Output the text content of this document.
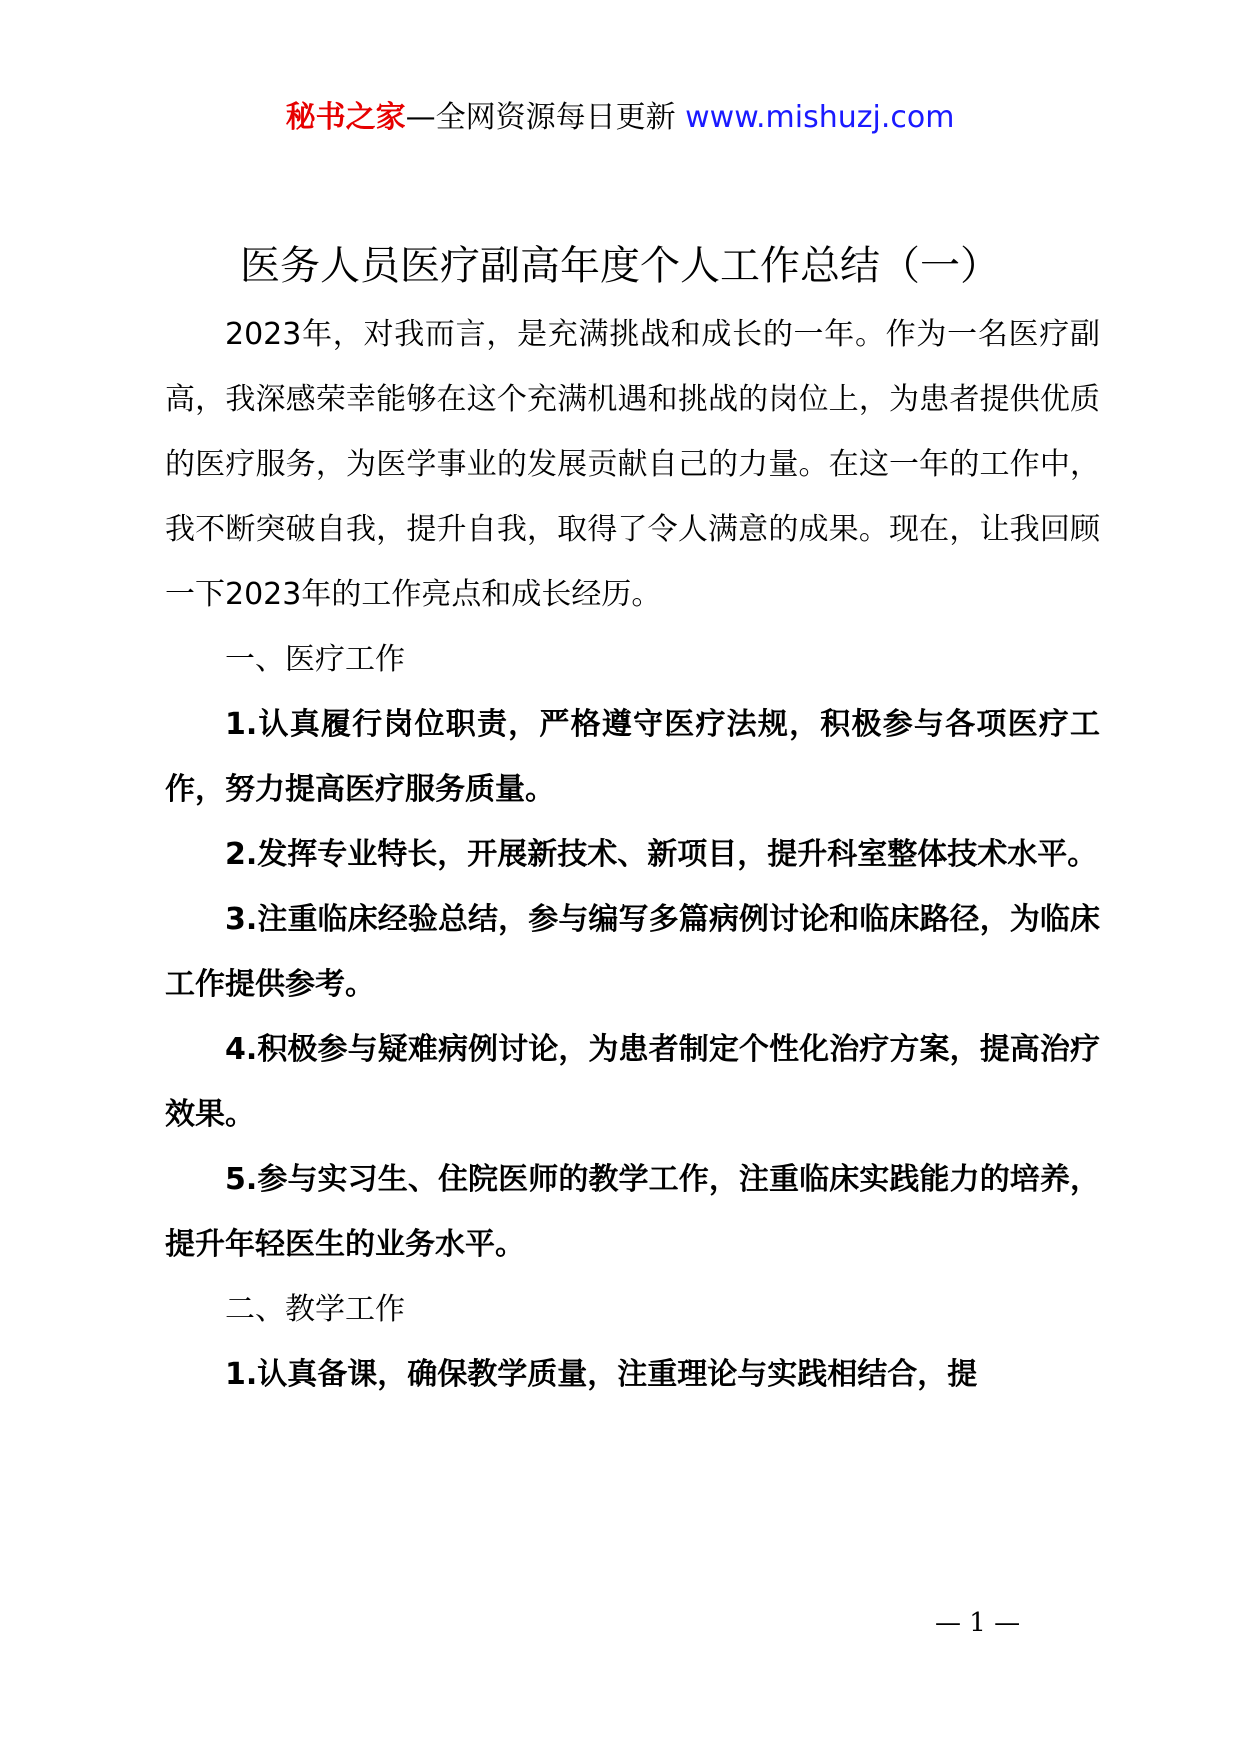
秘书之家—全网资源每日更新 www.mishuzj.com
医务人员医疗副高年度个人工作总结（一）

2023年，对我而言，是充满挑战和成长的一年。作为一名医疗副高，我深感荣幸能够在这个充满机遇和挑战的岗位上，为患者提供优质的医疗服务，为医学事业的发展贡献自己的力量。在这一年的工作中，我不断突破自我，提升自我，取得了令人满意的成果。现在，让我回顾一下2023年的工作亮点和成长经历。

一、医疗工作

1.认真履行岗位职责，严格遵守医疗法规，积极参与各项医疗工作，努力提高医疗服务质量。

2.发挥专业特长，开展新技术、新项目，提升科室整体技术水平。

3.注重临床经验总结，参与编写多篇病例讨论和临床路径，为临床工作提供参考。

4.积极参与疑难病例讨论，为患者制定个性化治疗方案，提高治疗效果。

5.参与实习生、住院医师的教学工作，注重临床实践能力的培养，提升年轻医生的业务水平。

二、教学工作

1.认真备课，确保教学质量，注重理论与实践相结合，提

— 1 —
